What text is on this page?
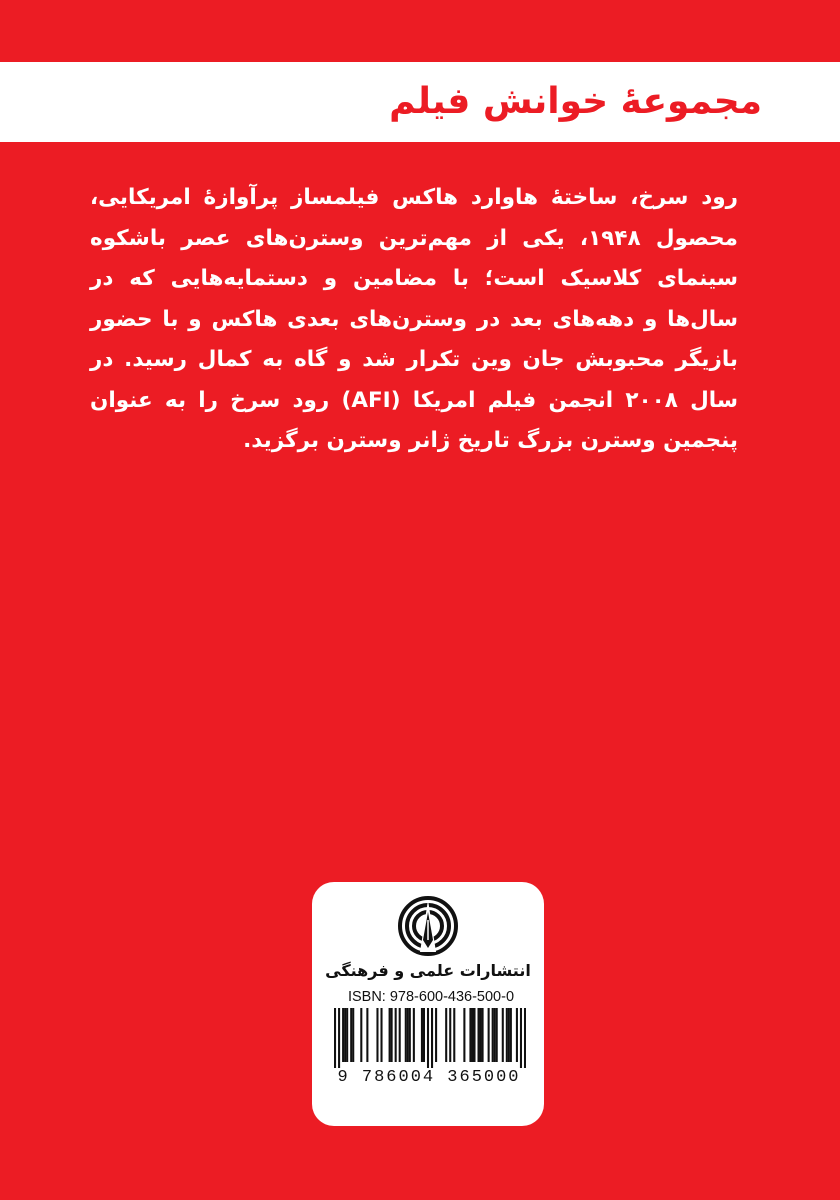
مجموعهٔ خوانش فیلم

رود سرخ، ساختهٔ هاوارد هاکس فیلمساز پرآوازهٔ امریکایی، محصول ۱۹۴۸، یکی از مهم‌ترین وسترن‌های عصر باشکوه سینمای کلاسیک است؛ با مضامین و دستمایه‌هایی که در سال‌ها و دهه‌های بعد در وسترن‌های بعدی هاکس و با حضور بازیگر محبوبش جان وین تکرار شد و گاه به کمال رسید. در سال ۲۰۰۸ انجمن فیلم امریکا (AFI) رود سرخ را به عنوان پنجمین وسترن بزرگ تاریخ ژانر وسترن برگزید.

انتشارات علمی و فرهنگی

ISBN: 978-600-436-500-0
9 786004 365000
